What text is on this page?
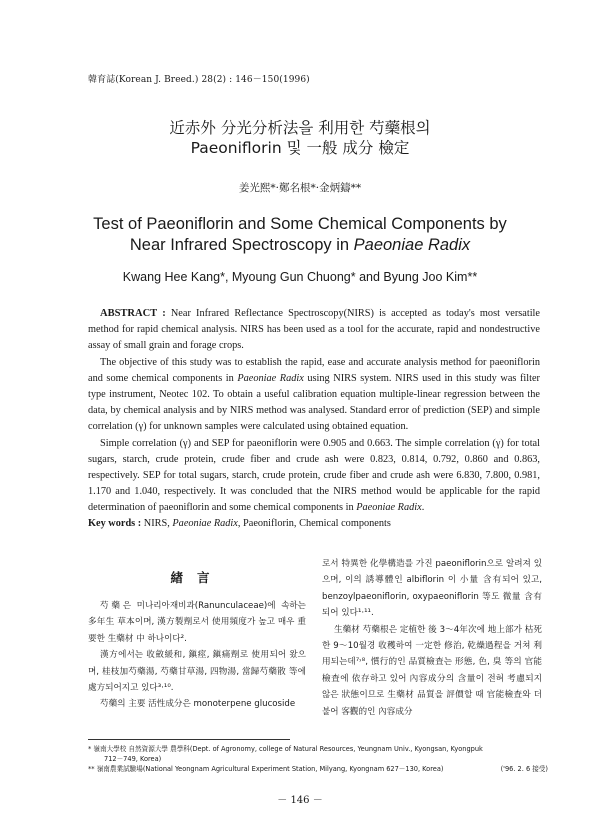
韓育誌(Korean J. Breed.) 28(2) : 146－150(1996)
近赤外 分光分析法을 利用한 芍藥根의
Paeoniflorin 및 一般 成分 檢定
姜光熙*·鄭名根*·金炳鑄**
Test of Paeoniflorin and Some Chemical Components by
Near Infrared Spectroscopy in Paeoniae Radix
Kwang Hee Kang*, Myoung Gun Chuong* and Byung Joo Kim**

ABSTRACT : Near Infrared Reflectance Spectroscopy(NIRS) is accepted as today's most versatile method for rapid chemical analysis. NIRS has been used as a tool for the accurate, rapid and nondestructive assay of small grain and forage crops.

The objective of this study was to establish the rapid, ease and accurate analysis method for paeoniflorin and some chemical components in Paeoniae Radix using NIRS system. NIRS used in this study was filter type instrument, Neotec 102. To obtain a useful calibration equation multiple-linear regression between the data, by chemical analysis and by NIRS method was analysed. Standard error of prediction (SEP) and simple correlation (γ) for unknown samples were calculated using obtained equation.

Simple correlation (γ) and SEP for paeoniflorin were 0.905 and 0.663. The simple correlation (γ) for total sugars, starch, crude protein, crude fiber and crude ash were 0.823, 0.814, 0.792, 0.860 and 0.863, respectively. SEP for total sugars, starch, crude protein, crude fiber and crude ash were 6.830, 7.800, 0.981, 1.170 and 1.040, respectively. It was concluded that the NIRS method would be applicable for the rapid determination of paeoniflorin and some chemical components in Paeoniae Radix.

Key words : NIRS, Paeoniae Radix, Paeoniflorin, Chemical components
緖言

芍藥은 미나리아재비과(Ranunculaceae)에 속하는 多年生 草本이며, 漢方製劑로서 使用頻度가 높고 매우 重要한 生藥材 中 하나이다².

漢方에서는 收斂緩和, 鎭痙, 鎭痛劑로 使用되어 왔으며, 桂枝加芍藥湯, 芍藥甘草湯, 四物湯, 當歸芍藥散 等에 處方되어지고 있다³·¹⁰.

芍藥의 主要 活性成分은 monoterpene glucoside

로서 特異한 化學構造를 가진 paeoniflorin으로 알려져 있으며, 이의 誘導體인 albiflorin 이 小量 含有되어 있고, benzoylpaeoniflorin, oxypaeoniflorin 等도 微量 含有되어 있다¹·¹¹.

生藥材 芍藥根은 定植한 後 3～4年次에 地上部가 枯死한 9～10월경 收穫하여 一定한 修治, 乾燥過程을 거쳐 利用되는데⁷˒⁸, 慣行的인 品質檢査는 形態, 色, 臭 等의 官能檢査에 依存하고 있어 內容成分의 含量이 전혀 考慮되지 않은 狀態이므로 生藥材 品質을 評價할 때 官能檢査와 더불어 客觀的인 內容成分

* 嶺南大學校 自然資源大學 農學科(Dept. of Agronomy, college of Natural Resources, Yeungnam Univ., Kyongsan, Kyongpuk
712－749, Korea)
('96. 2. 6 接受)
** 嶺南農業試驗場(National Yeongnam Agricultural Experiment Station, Milyang, Kyongnam 627－130, Korea)
－ 146 －
